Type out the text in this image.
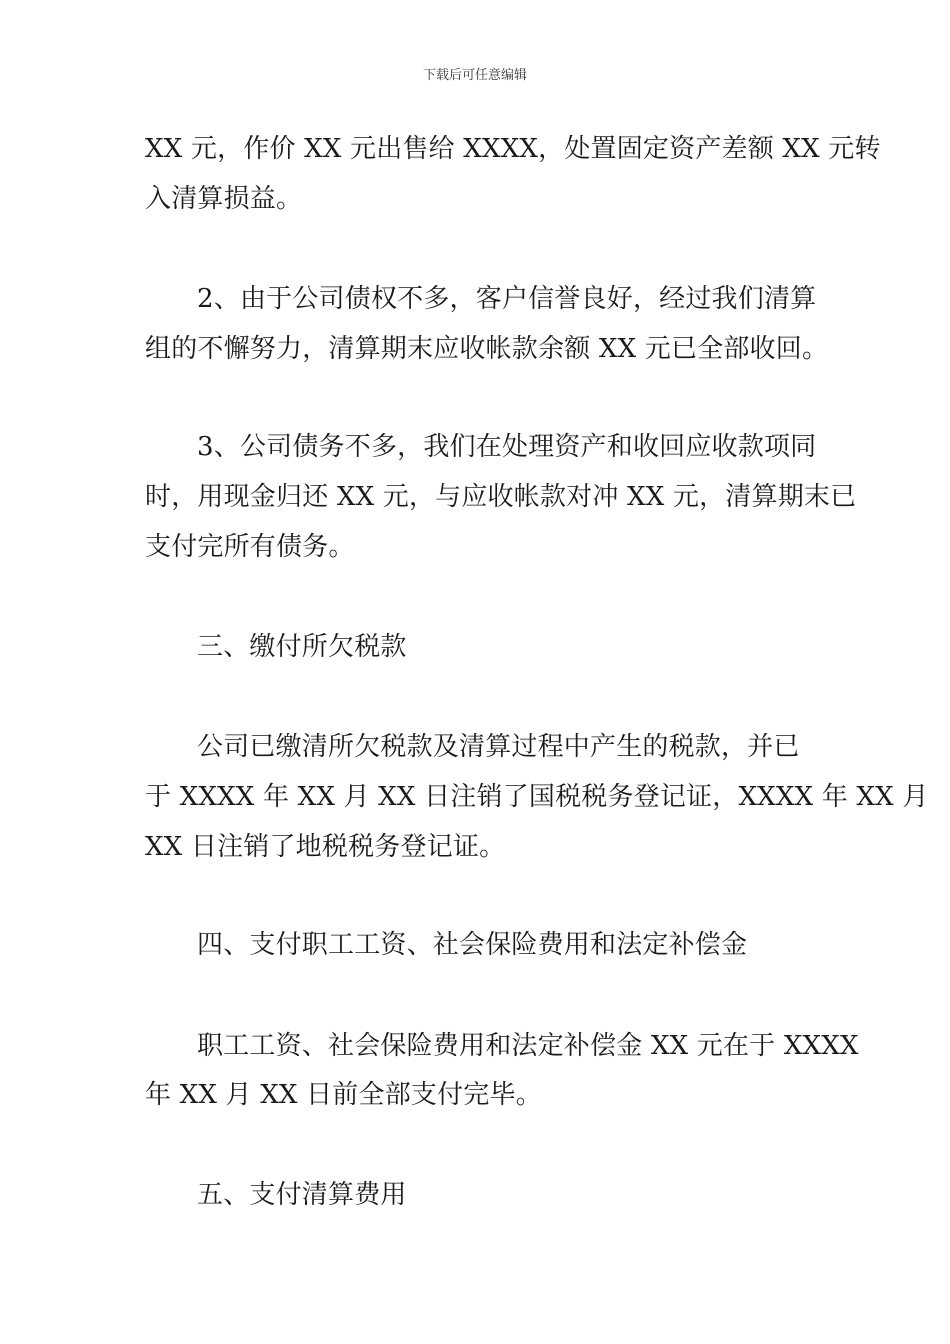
下载后可任意编辑
XX 元，作价 XX 元出售给 XXXX，处置固定资产差额 XX 元转
入清算损益。
2、由于公司债权不多，客户信誉良好，经过我们清算
组的不懈努力，清算期末应收帐款余额 XX 元已全部收回。
3、公司债务不多，我们在处理资产和收回应收款项同
时，用现金归还 XX 元，与应收帐款对冲 XX 元，清算期末已
支付完所有债务。
三、缴付所欠税款
公司已缴清所欠税款及清算过程中产生的税款，并已
于 XXXX 年 XX 月 XX 日注销了国税税务登记证，XXXX 年 XX 月
XX 日注销了地税税务登记证。
四、支付职工工资、社会保险费用和法定补偿金
职工工资、社会保险费用和法定补偿金 XX 元在于 XXXX
年 XX 月 XX 日前全部支付完毕。
五、支付清算费用
